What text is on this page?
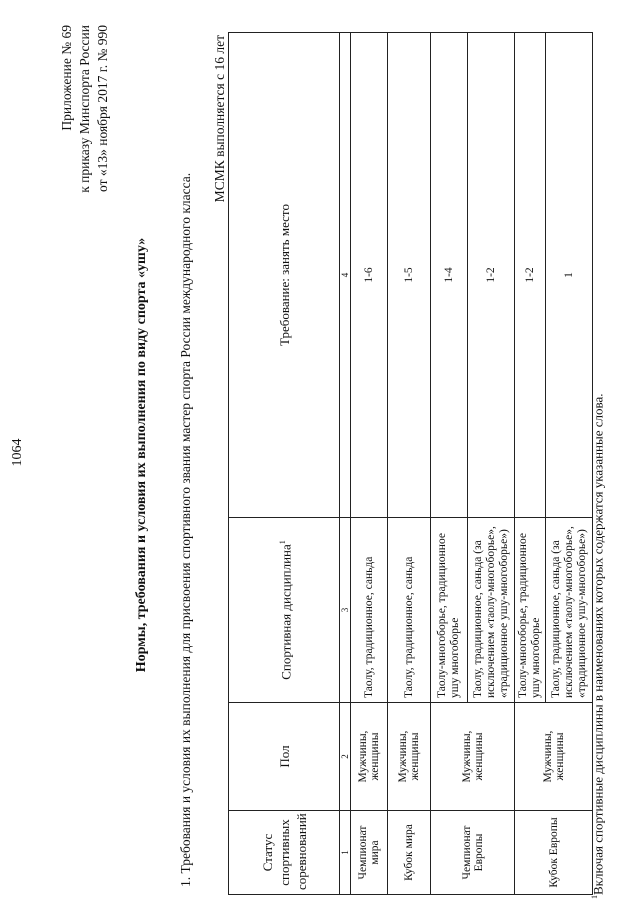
1064
Приложение № 69 к приказу Минспорта России от «13» ноября 2017 г. № 990
Нормы, требования и условия их выполнения по виду спорта «ушу» 1. Требования и условия их выполнения для присвоения спортивного звания мастер спорта России международного класса.
МСМК выполняется с 16 лет
Статус спортивных соревнований	Пол	Спортивная дисциплина$^1$	Требование: занять место
1	2	3	4
Чемпионат мира	Мужчины, женщины	Таолу, традиционное, саньда	1-6
Кубок мира	Мужчины, женщины	Таолу, традиционное, саньда	1-5
Чемпионат Европы	Мужчины, женщины	Таолу-многоборье, традиционное ушу многоборье	1-4
		Таолу, традиционное, саньда (за исключением «таолу-многоборье», «традиционное ушу-многоборье»)	1-2
Кубок Европы	Мужчины, женщины	Таолу-многоборье, традиционное ушу многоборье	1-2
		Таолу, традиционное, саньда (за исключением «таолу-многоборье», «традиционное ушу-многоборье»)	1
$^1$Включая спортивные дисциплины в наименованиях которых содержатся указанные слова.
